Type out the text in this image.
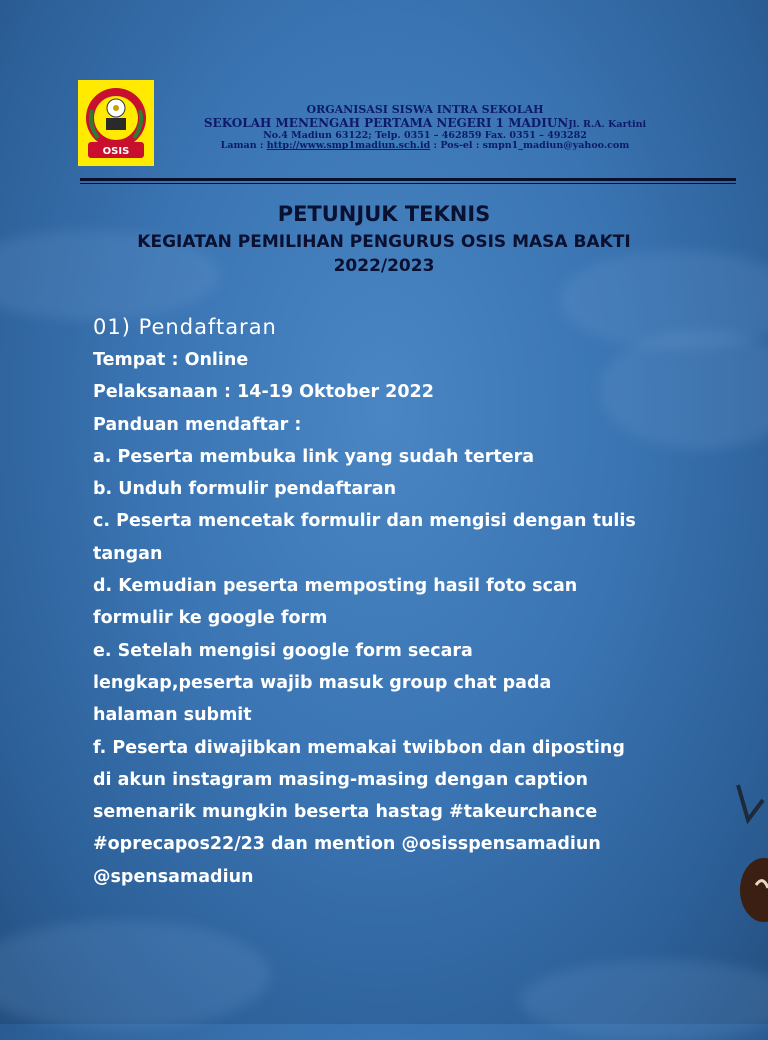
OSIS
ORGANISASI SISWA INTRA SEKOLAH
SEKOLAH MENENGAH PERTAMA NEGERI 1 MADIUNJl. R.A. Kartini
No.4 Madiun 63122; Telp. 0351 – 462859 Fax. 0351 – 493282
Laman : http://www.smp1madiun.sch.id : Pos-el : smpn1_madiun@yahoo.com
PETUNJUK TEKNIS
KEGIATAN PEMILIHAN PENGURUS OSIS MASA BAKTI
2022/2023
01) Pendaftaran
Tempat : Online
Pelaksanaan : 14-19 Oktober 2022
Panduan mendaftar :
a. Peserta membuka link yang sudah tertera
b. Unduh formulir pendaftaran
c. Peserta mencetak formulir dan mengisi dengan tulis
tangan
d. Kemudian peserta memposting hasil foto scan
formulir ke google form
e. Setelah mengisi google form secara
lengkap,peserta wajib masuk group chat pada
halaman submit
f. Peserta diwajibkan memakai twibbon dan diposting
di akun instagram masing-masing dengan caption
semenarik mungkin beserta hastag #takeurchance
#oprecapos22/23 dan mention @osisspensamadiun
@spensamadiun
